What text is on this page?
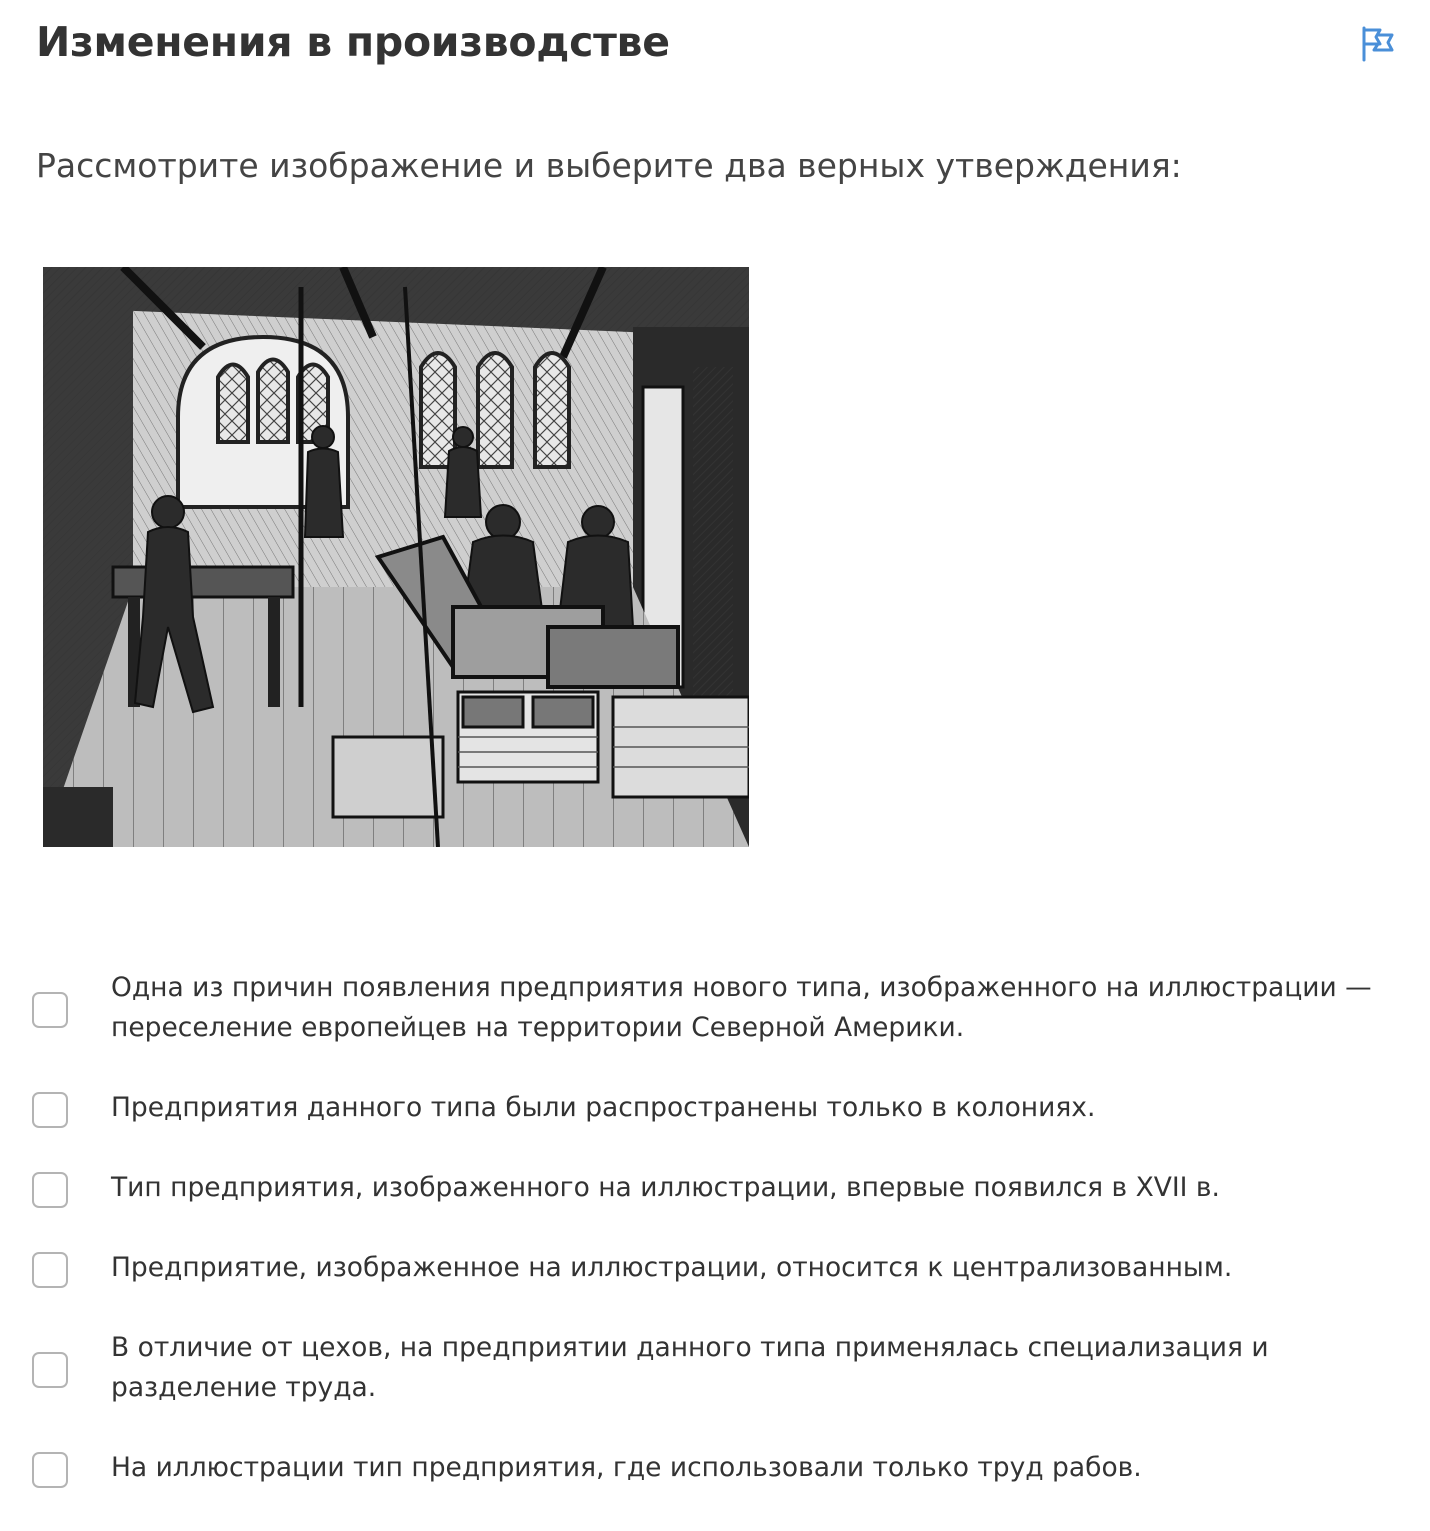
Изменения в производстве

Рассмотрите изображение и выберите два верных утверждения:

Одна из причин появления предприятия нового типа, изображенного на иллюстрации — переселение европейцев на территории Северной Америки.
Предприятия данного типа были распространены только в колониях.
Тип предприятия, изображенного на иллюстрации, впервые появился в XVII в.
Предприятие, изображенное на иллюстрации, относится к централизованным.
В отличие от цехов, на предприятии данного типа применялась специализация и разделение труда.
На иллюстрации тип предприятия, где использовали только труд рабов.
